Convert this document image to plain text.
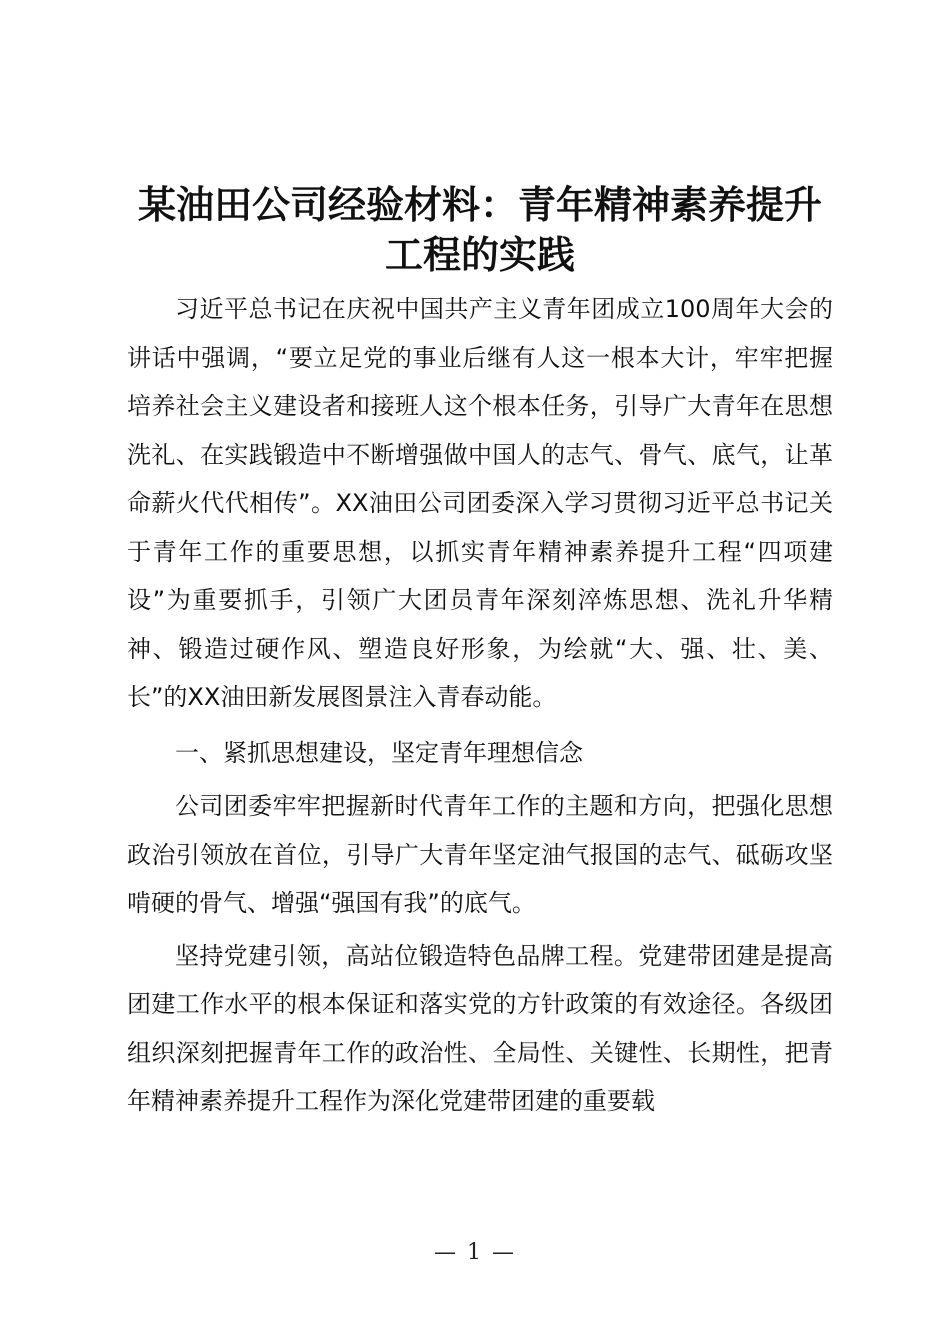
某油田公司经验材料：青年精神素养提升工程的实践

习近平总书记在庆祝中国共产主义青年团成立100周年大会的讲话中强调，“要立足党的事业后继有人这一根本大计，牢牢把握培养社会主义建设者和接班人这个根本任务，引导广大青年在思想洗礼、在实践锻造中不断增强做中国人的志气、骨气、底气，让革命薪火代代相传”。XX油田公司团委深入学习贯彻习近平总书记关于青年工作的重要思想，以抓实青年精神素养提升工程“四项建设”为重要抓手，引领广大团员青年深刻淬炼思想、洗礼升华精神、锻造过硬作风、塑造良好形象，为绘就“大、强、壮、美、长”的XX油田新发展图景注入青春动能。

一、紧抓思想建设，坚定青年理想信念

公司团委牢牢把握新时代青年工作的主题和方向，把强化思想政治引领放在首位，引导广大青年坚定油气报国的志气、砥砺攻坚啃硬的骨气、增强“强国有我”的底气。

坚持党建引领，高站位锻造特色品牌工程。党建带团建是提高团建工作水平的根本保证和落实党的方针政策的有效途径。各级团组织深刻把握青年工作的政治性、全局性、关键性、长期性，把青年精神素养提升工程作为深化党建带团建的重要载

— 1 —
